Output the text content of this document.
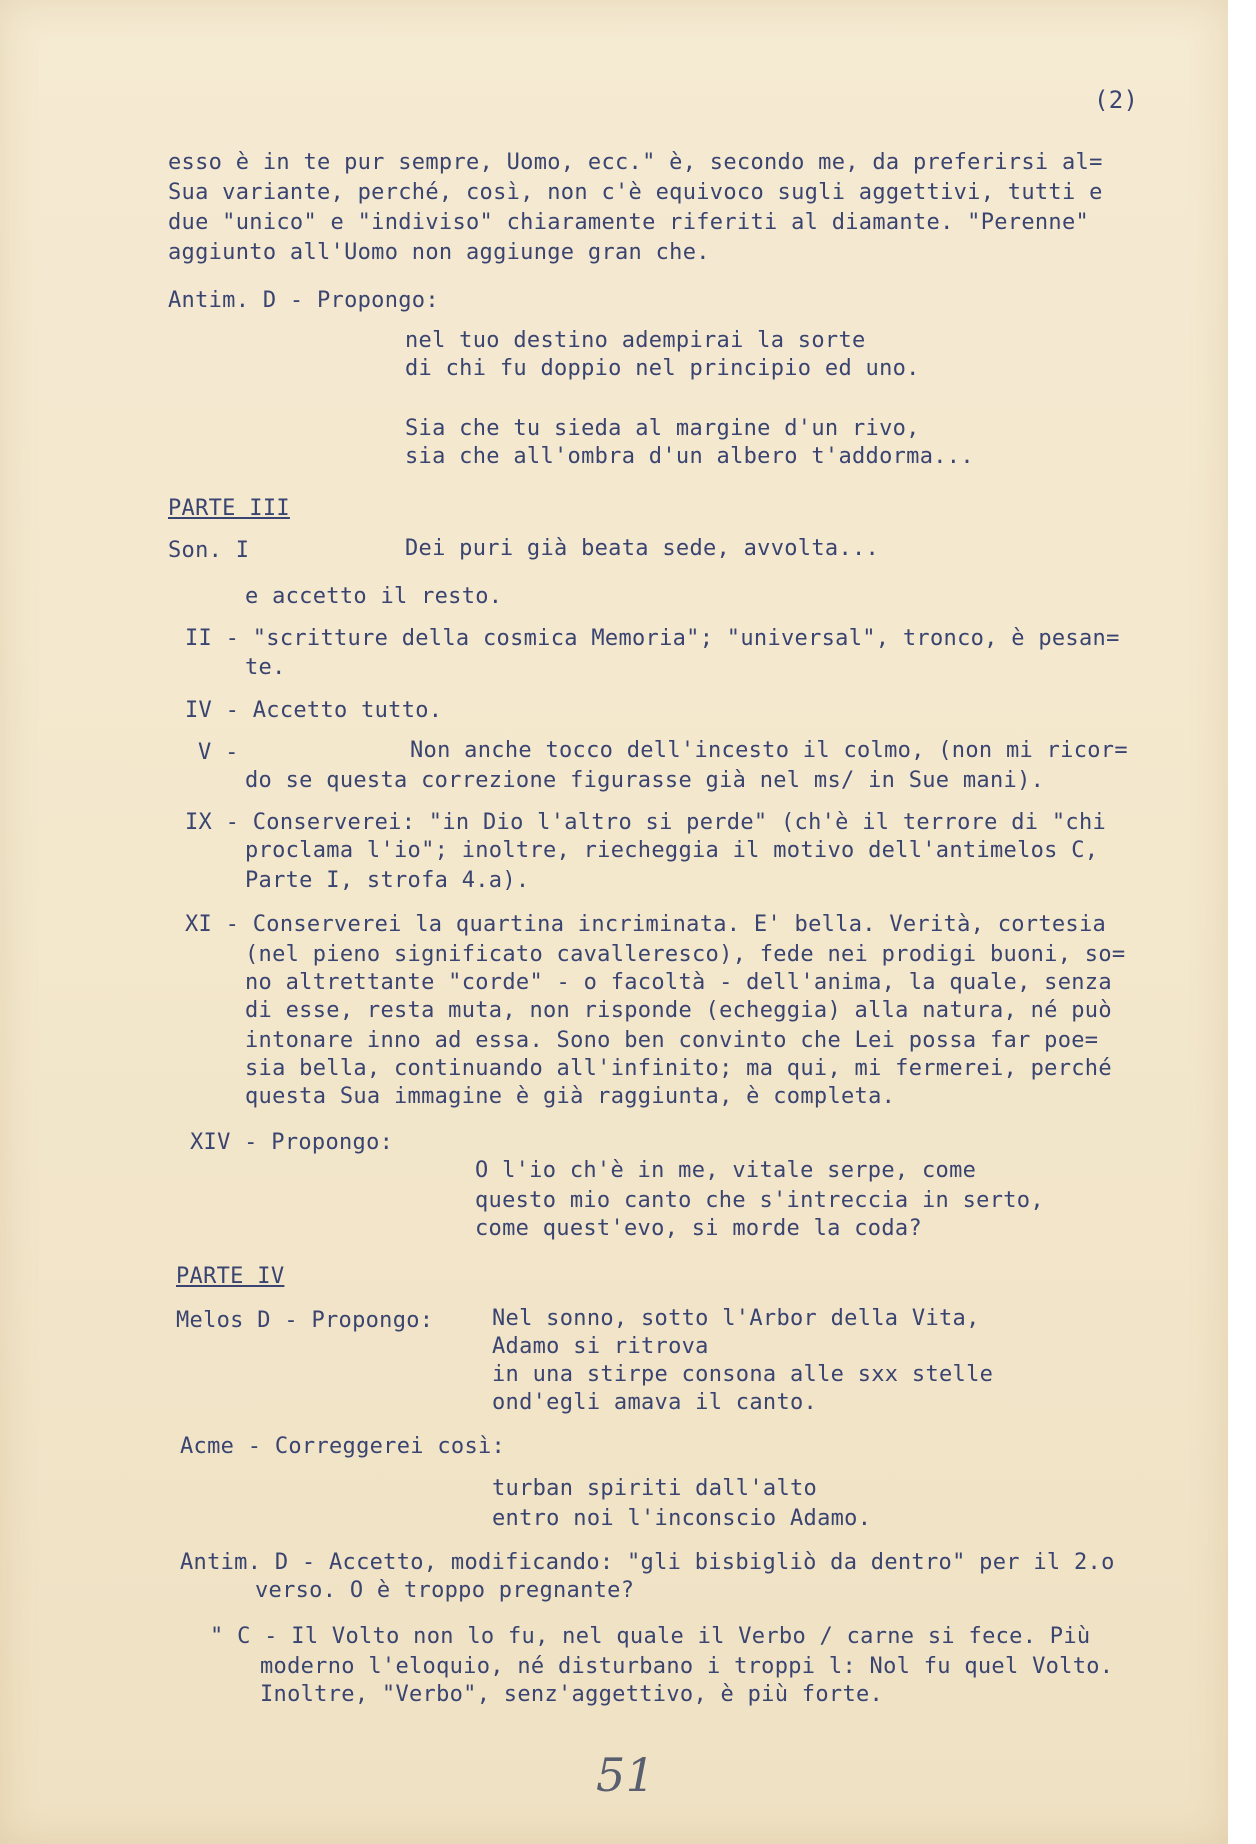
(2)
esso è in te pur sempre, Uomo, ecc." è, secondo me, da preferirsi al=
Sua variante, perché, così, non c'è equivoco sugli aggettivi, tutti e
due "unico" e "indiviso" chiaramente riferiti al diamante. "Perenne"
aggiunto all'Uomo non aggiunge gran che.
Antim. D - Propongo:
nel tuo destino adempirai la sorte
di chi fu doppio nel principio ed uno.
Sia che tu sieda al margine d'un rivo,
sia che all'ombra d'un albero t'addorma...
PARTE III
Son. I	Dei puri già beata sede, avvolta...
e accetto il resto.
II - "scritture della cosmica Memoria"; "universal", tronco, è pesan=
te.
IV - Accetto tutto.
V -	Non anche tocco dell'incesto il colmo, (non mi ricor=
do se questa correzione figurasse già nel ms/ in Sue mani).
IX - Conserverei: "in Dio l'altro si perde" (ch'è il terrore di "chi
proclama l'io"; inoltre, riecheggia il motivo dell'antimelos C,
Parte I, strofa 4.a).
XI - Conserverei la quartina incriminata. E' bella. Verità, cortesia
(nel pieno significato cavalleresco), fede nei prodigi buoni, so=
no altrettante "corde" - o facoltà - dell'anima, la quale, senza
di esse, resta muta, non risponde (echeggia) alla natura, né può
intonare inno ad essa. Sono ben convinto che Lei possa far poe=
sia bella, continuando all'infinito; ma qui, mi fermerei, perché
questa Sua immagine è già raggiunta, è completa.
XIV - Propongo:
O l'io ch'è in me, vitale serpe, come
questo mio canto che s'intreccia in serto,
come quest'evo, si morde la coda?
PARTE IV
Melos D - Propongo:	Nel sonno, sotto l'Arbor della Vita,
Adamo si ritrova
in una stirpe consona alle sxx stelle
ond'egli amava il canto.
Acme - Correggerei così:
turban spiriti dall'alto
entro noi l'inconscio Adamo.
Antim. D - Accetto, modificando: "gli bisbigliò da dentro" per il 2.o
verso. O è troppo pregnante?
" C - Il Volto non lo fu, nel quale il Verbo / carne si fece. Più
moderno l'eloquio, né disturbano i troppi l: Nol fu quel Volto.
Inoltre, "Verbo", senz'aggettivo, è più forte.
51
